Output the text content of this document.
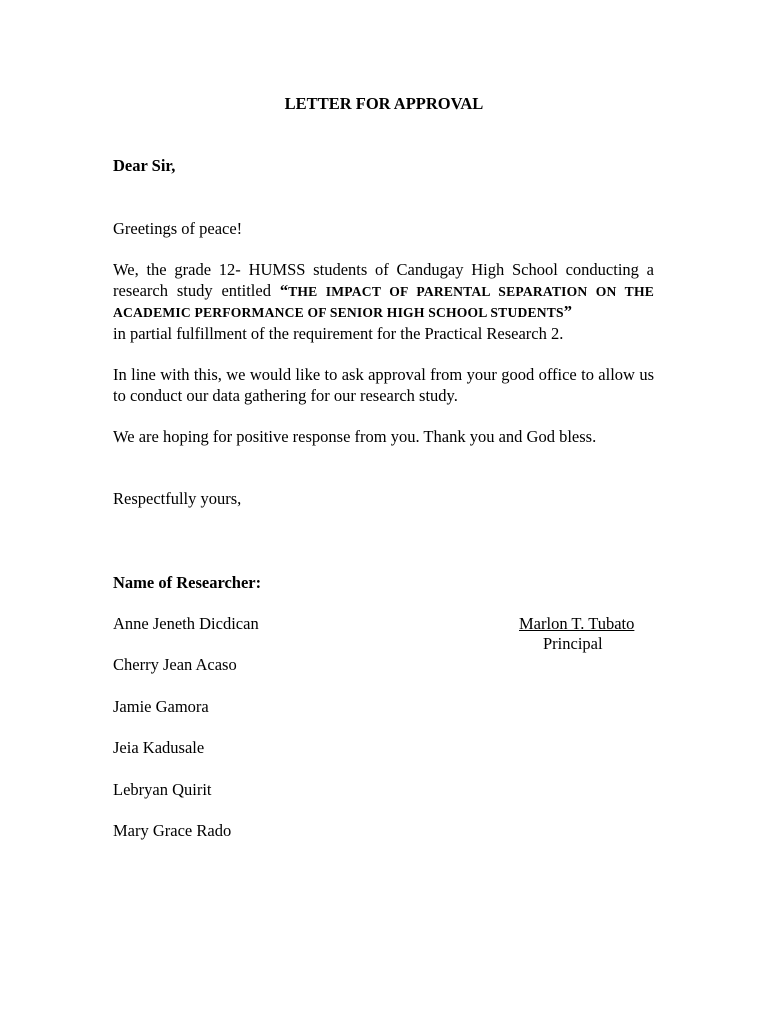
LETTER FOR APPROVAL
Dear Sir,
Greetings of peace!
We, the grade 12- HUMSS students of Candugay High School conducting a research study entitled “THE IMPACT OF PARENTAL SEPARATION ON THE ACADEMIC PERFORMANCE OF SENIOR HIGH SCHOOL STUDENTS”
in partial fulfillment of the requirement for the Practical Research 2.
In line with this, we would like to ask approval from your good office to allow us to conduct our data gathering for our research study.
We are hoping for positive response from you. Thank you and God bless.
Respectfully yours,
Name of Researcher:
Anne Jeneth Dicdican
Cherry Jean Acaso
Jamie Gamora
Jeia Kadusale
Lebryan Quirit
Mary Grace Rado
Marlon T. Tubato
Principal
